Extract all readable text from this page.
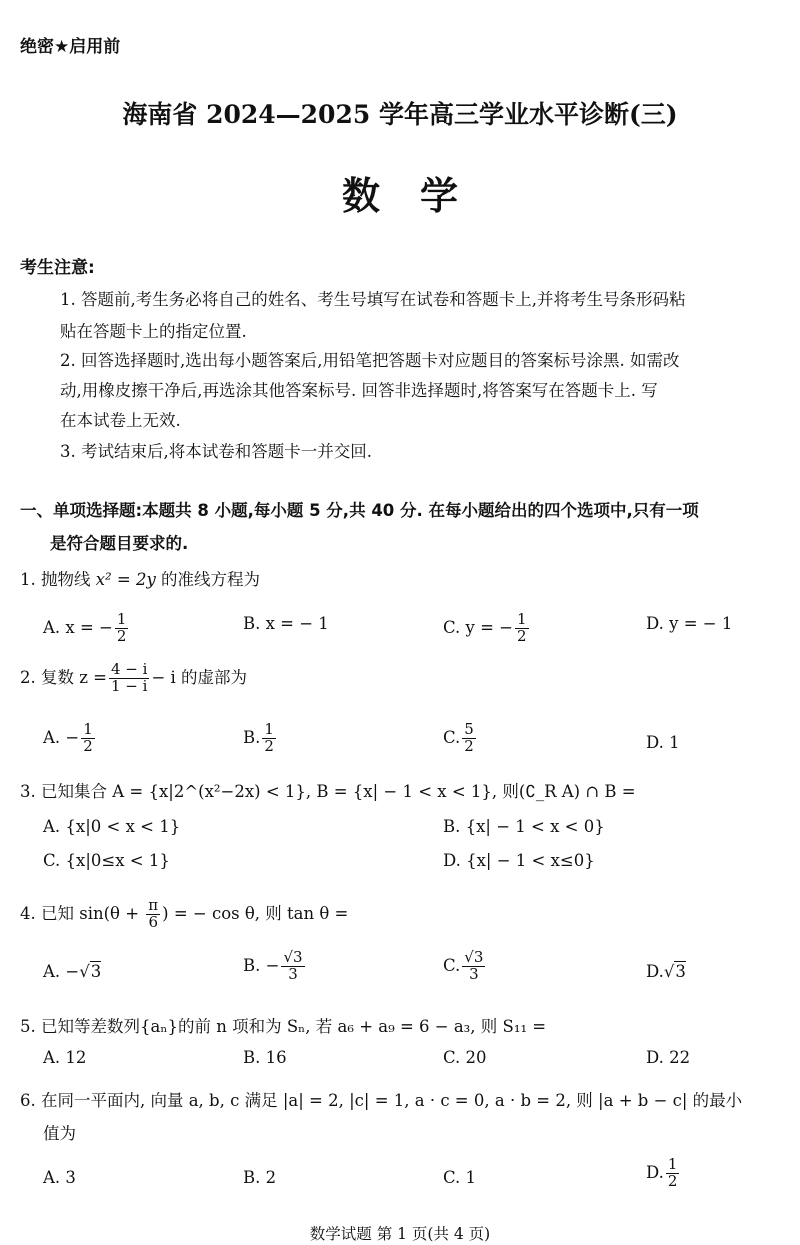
绝密★启用前
海南省 2024—2025 学年高三学业水平诊断(三)
数学
考生注意:
1. 答题前,考生务必将自己的姓名、考生号填写在试卷和答题卡上,并将考生号条形码粘
贴在答题卡上的指定位置.
2. 回答选择题时,选出每小题答案后,用铅笔把答题卡对应题目的答案标号涂黑. 如需改
动,用橡皮擦干净后,再选涂其他答案标号. 回答非选择题时,将答案写在答题卡上. 写
在本试卷上无效.
3. 考试结束后,将本试卷和答题卡一并交回.
一、单项选择题:本题共 8 小题,每小题 5 分,共 40 分. 在每小题给出的四个选项中,只有一项
是符合题目要求的.
1. 抛物线 x² = 2y 的准线方程为
A. x = − $\frac{1}{2}$	B. x = − 1	C. y = − $\frac{1}{2}$	D. y = − 1
2. 复数 $z = \frac{4 - i}{1 - i} - i$ 的虚部为
A. − $\frac{1}{2}$	B. $\frac{1}{2}$	C. $\frac{5}{2}$	D. 1
3. 已知集合 A = {x|2^(x²−2x) < 1}, B = {x| − 1 < x < 1}, 则(∁_R A) ∩ B =
A. {x|0 < x < 1}	B. {x| − 1 < x < 0}
C. {x|0≤x < 1}	D. {x| − 1 < x≤0}
4. 已知 $\sin(\theta + \frac{\pi}{6}$ ) = − cos θ, 则 tan θ =
A. −√3	B. − $\frac{√3}{3}$	C. $\frac{√3}{3}$	D.√3
5. 已知等差数列{aₙ}的前 n 项和为 Sₙ, 若 a₆ + a₉ = 6 − a₃, 则 S₁₁ =
A. 12	B. 16	C. 20	D. 22
6. 在同一平面内, 向量 a, b, c 满足 |a| = 2, |c| = 1, a · c = 0, a · b = 2, 则 |a + b − c| 的最小
值为
A. 3	B. 2	C. 1	D. $\frac{1}{2}$
数学试题 第 1 页(共 4 页)
